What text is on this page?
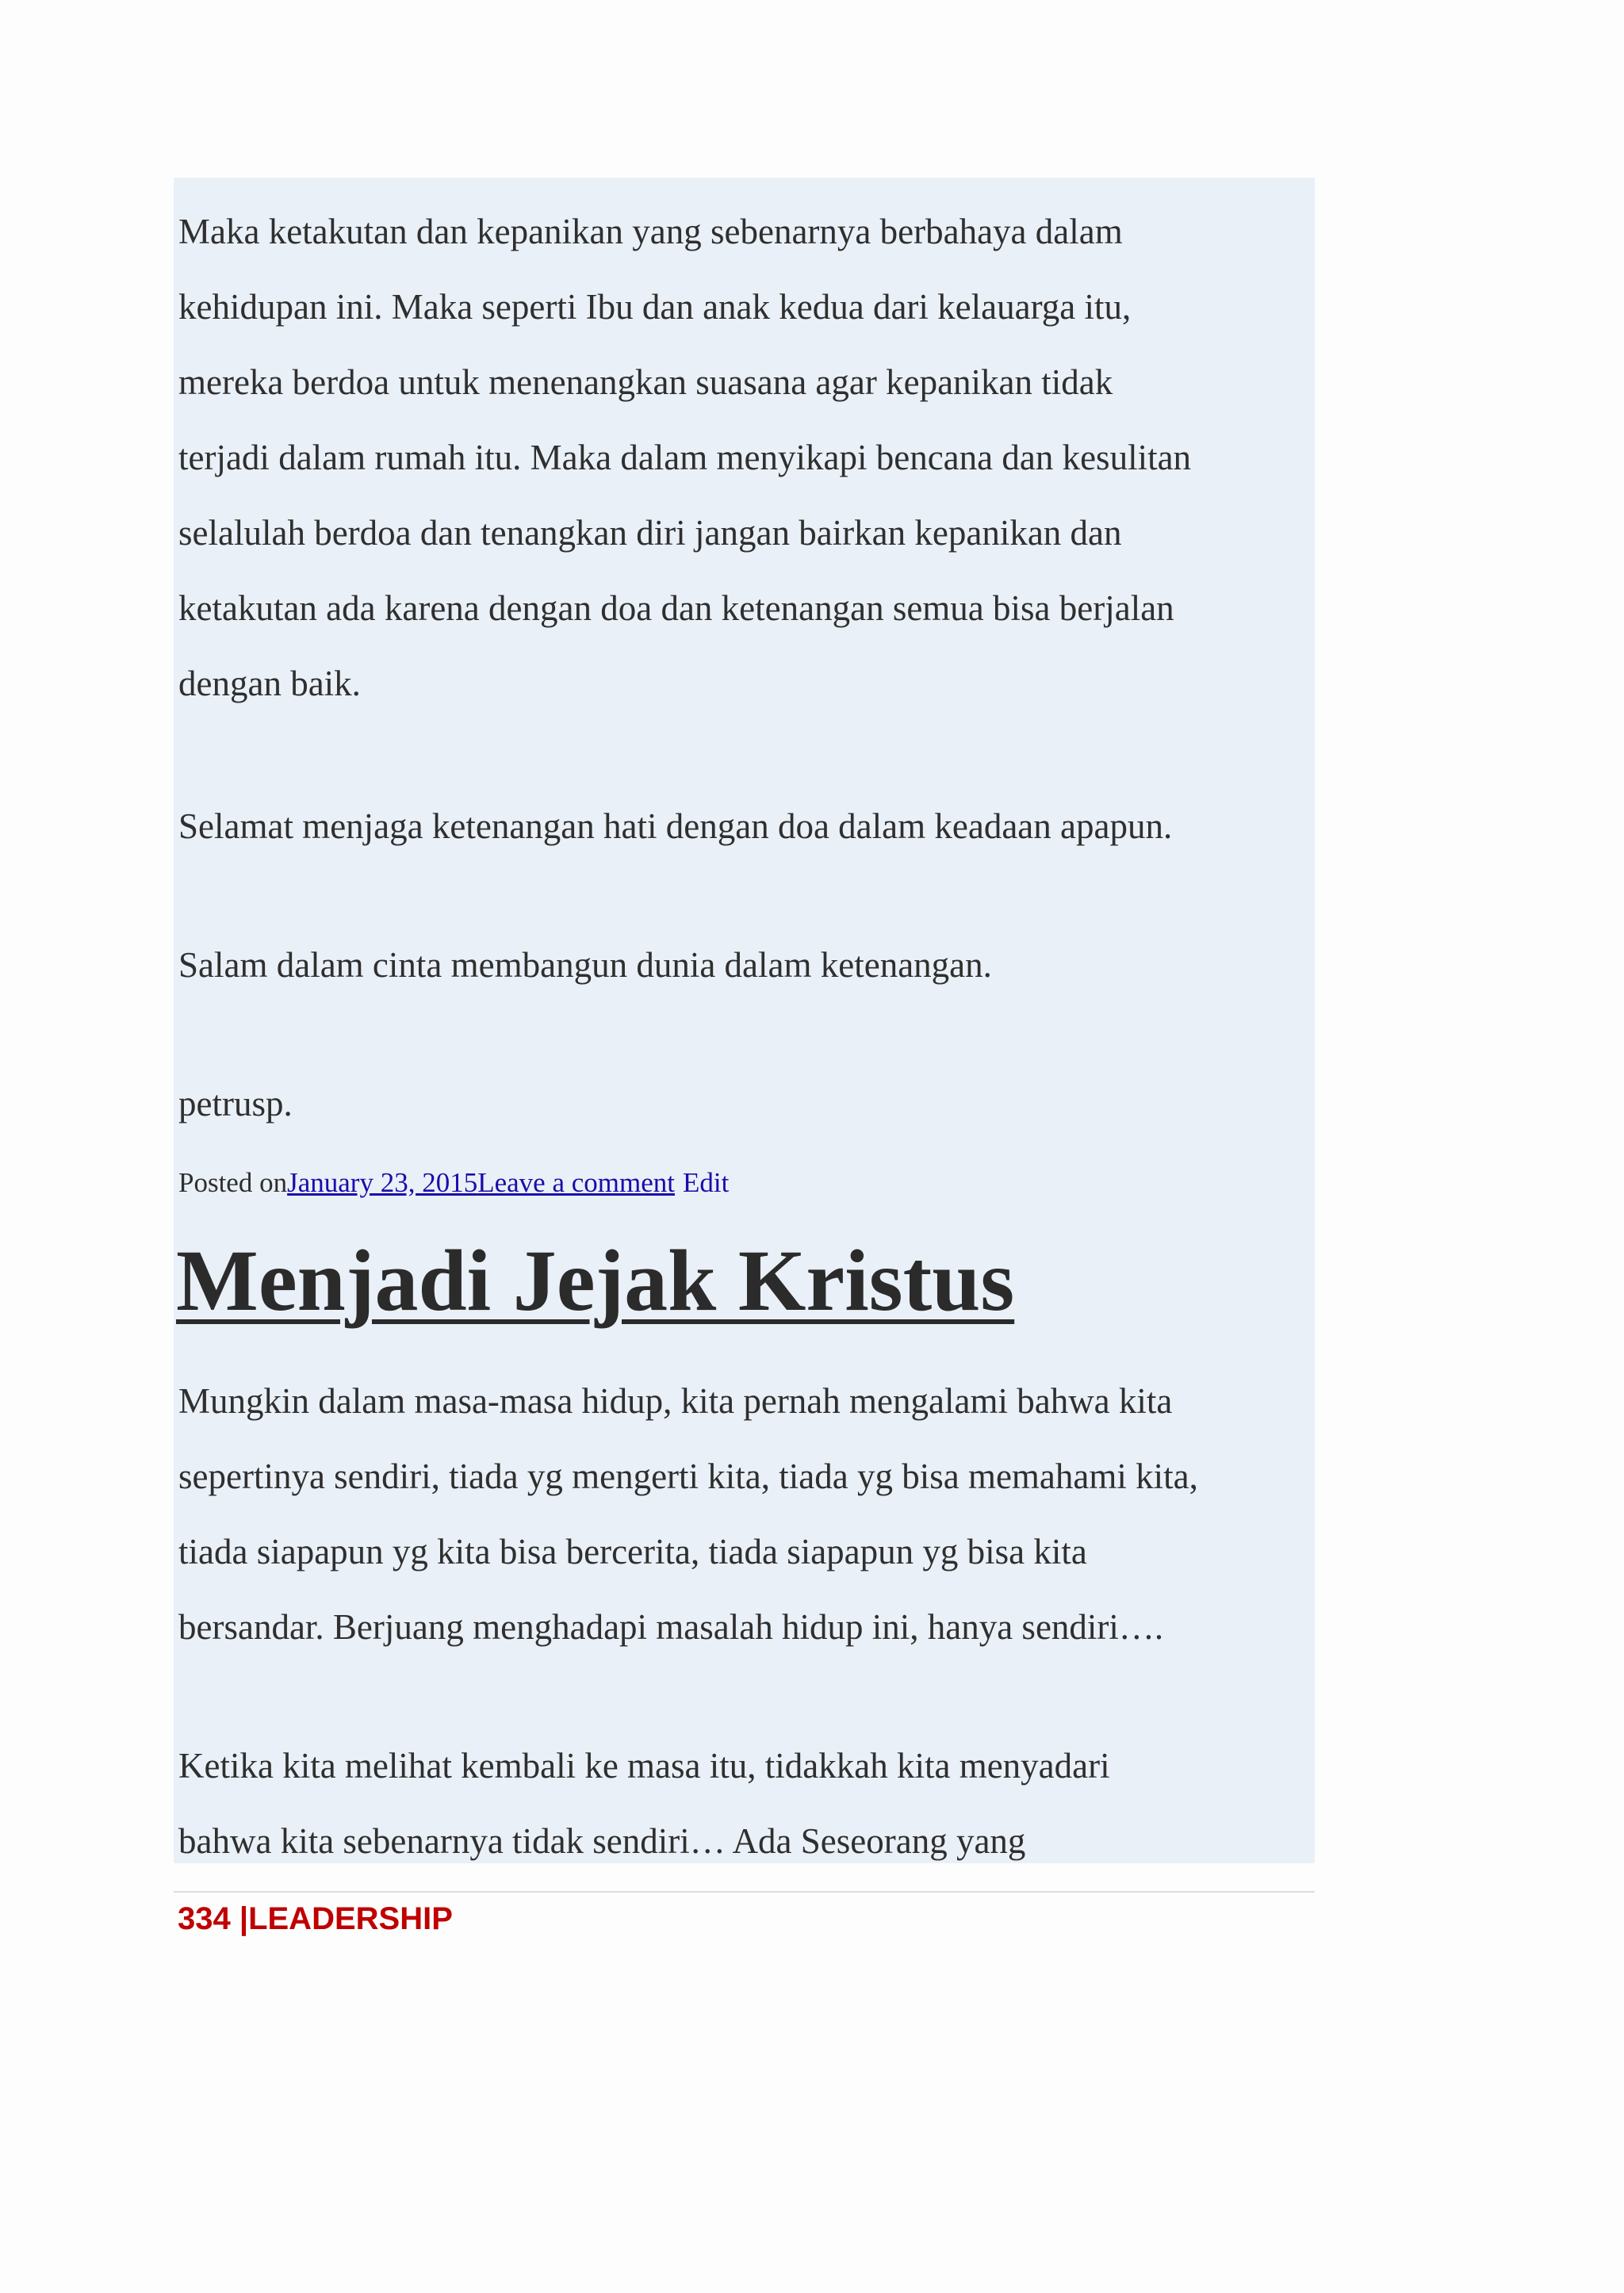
Maka ketakutan dan kepanikan yang sebenarnya berbahaya dalam
kehidupan ini. Maka seperti Ibu dan anak kedua dari kelauarga itu,
mereka berdoa untuk menenangkan suasana agar kepanikan tidak
terjadi dalam rumah itu. Maka dalam menyikapi bencana dan kesulitan
selalulah berdoa dan tenangkan diri jangan bairkan kepanikan dan
ketakutan ada karena dengan doa dan ketenangan semua bisa berjalan
dengan baik.
Selamat menjaga ketenangan hati dengan doa dalam keadaan apapun.
Salam dalam cinta membangun dunia dalam ketenangan.
petrusp.
Posted onJanuary 23, 2015Leave a comment Edit
Menjadi Jejak Kristus
Mungkin dalam masa-masa hidup, kita pernah mengalami bahwa kita
sepertinya sendiri, tiada yg mengerti kita, tiada yg bisa memahami kita,
tiada siapapun yg kita bisa bercerita, tiada siapapun yg bisa kita
bersandar. Berjuang menghadapi masalah hidup ini, hanya sendiri….
Ketika kita melihat kembali ke masa itu, tidakkah kita menyadari
bahwa kita sebenarnya tidak sendiri… Ada Seseorang yang
334 |LEADERSHIP
